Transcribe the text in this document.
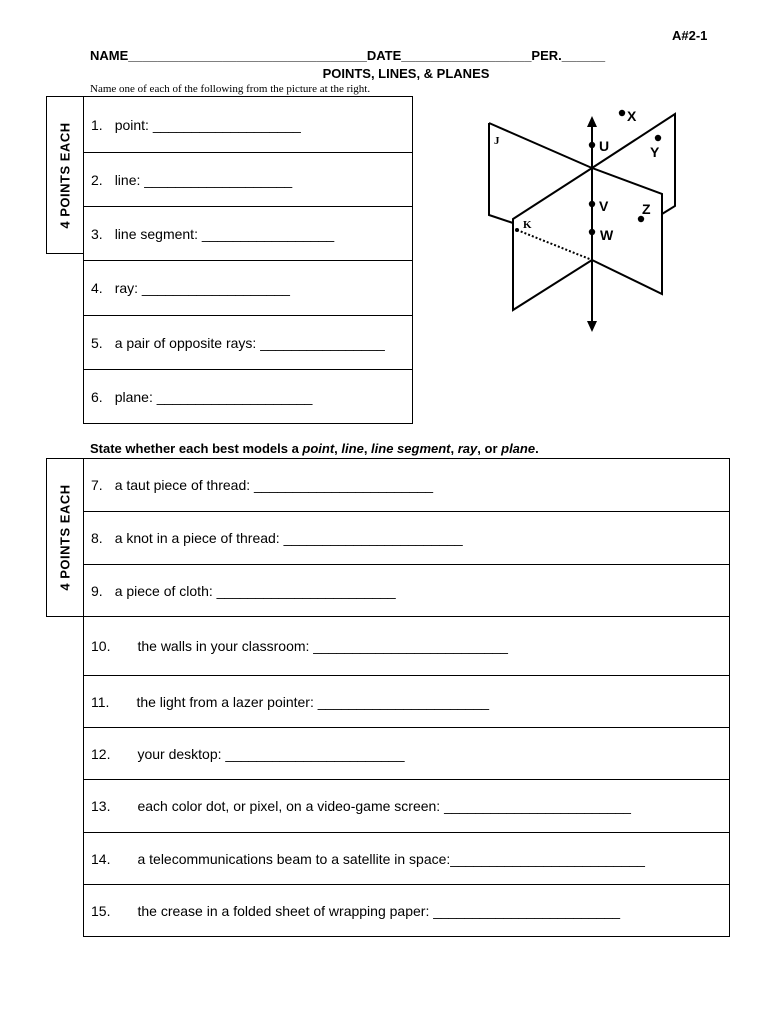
A#2-1
NAME_________________________________DATE__________________PER.______
POINTS, LINES, & PLANES
Name one of each of the following from the picture at the right.
4 POINTS EACH 1. point: ___________________
2. line: ___________________
3. line segment: _________________
4. ray: ___________________
5. a pair of opposite rays: ________________
6. plane: ____________________
J
K
U
V
W
X
Y
Z
State whether each best models a point, line, line segment, ray, or plane.
4 POINTS EACH 7. a taut piece of thread: _______________________
8. a knot in a piece of thread: _______________________
9. a piece of cloth: _______________________
10. the walls in your classroom: _________________________
11. the light from a lazer pointer: ______________________
12. your desktop: _______________________
13. each color dot, or pixel, on a video-game screen: ________________________
14. a telecommunications beam to a satellite in space:_________________________
15. the crease in a folded sheet of wrapping paper: ________________________
